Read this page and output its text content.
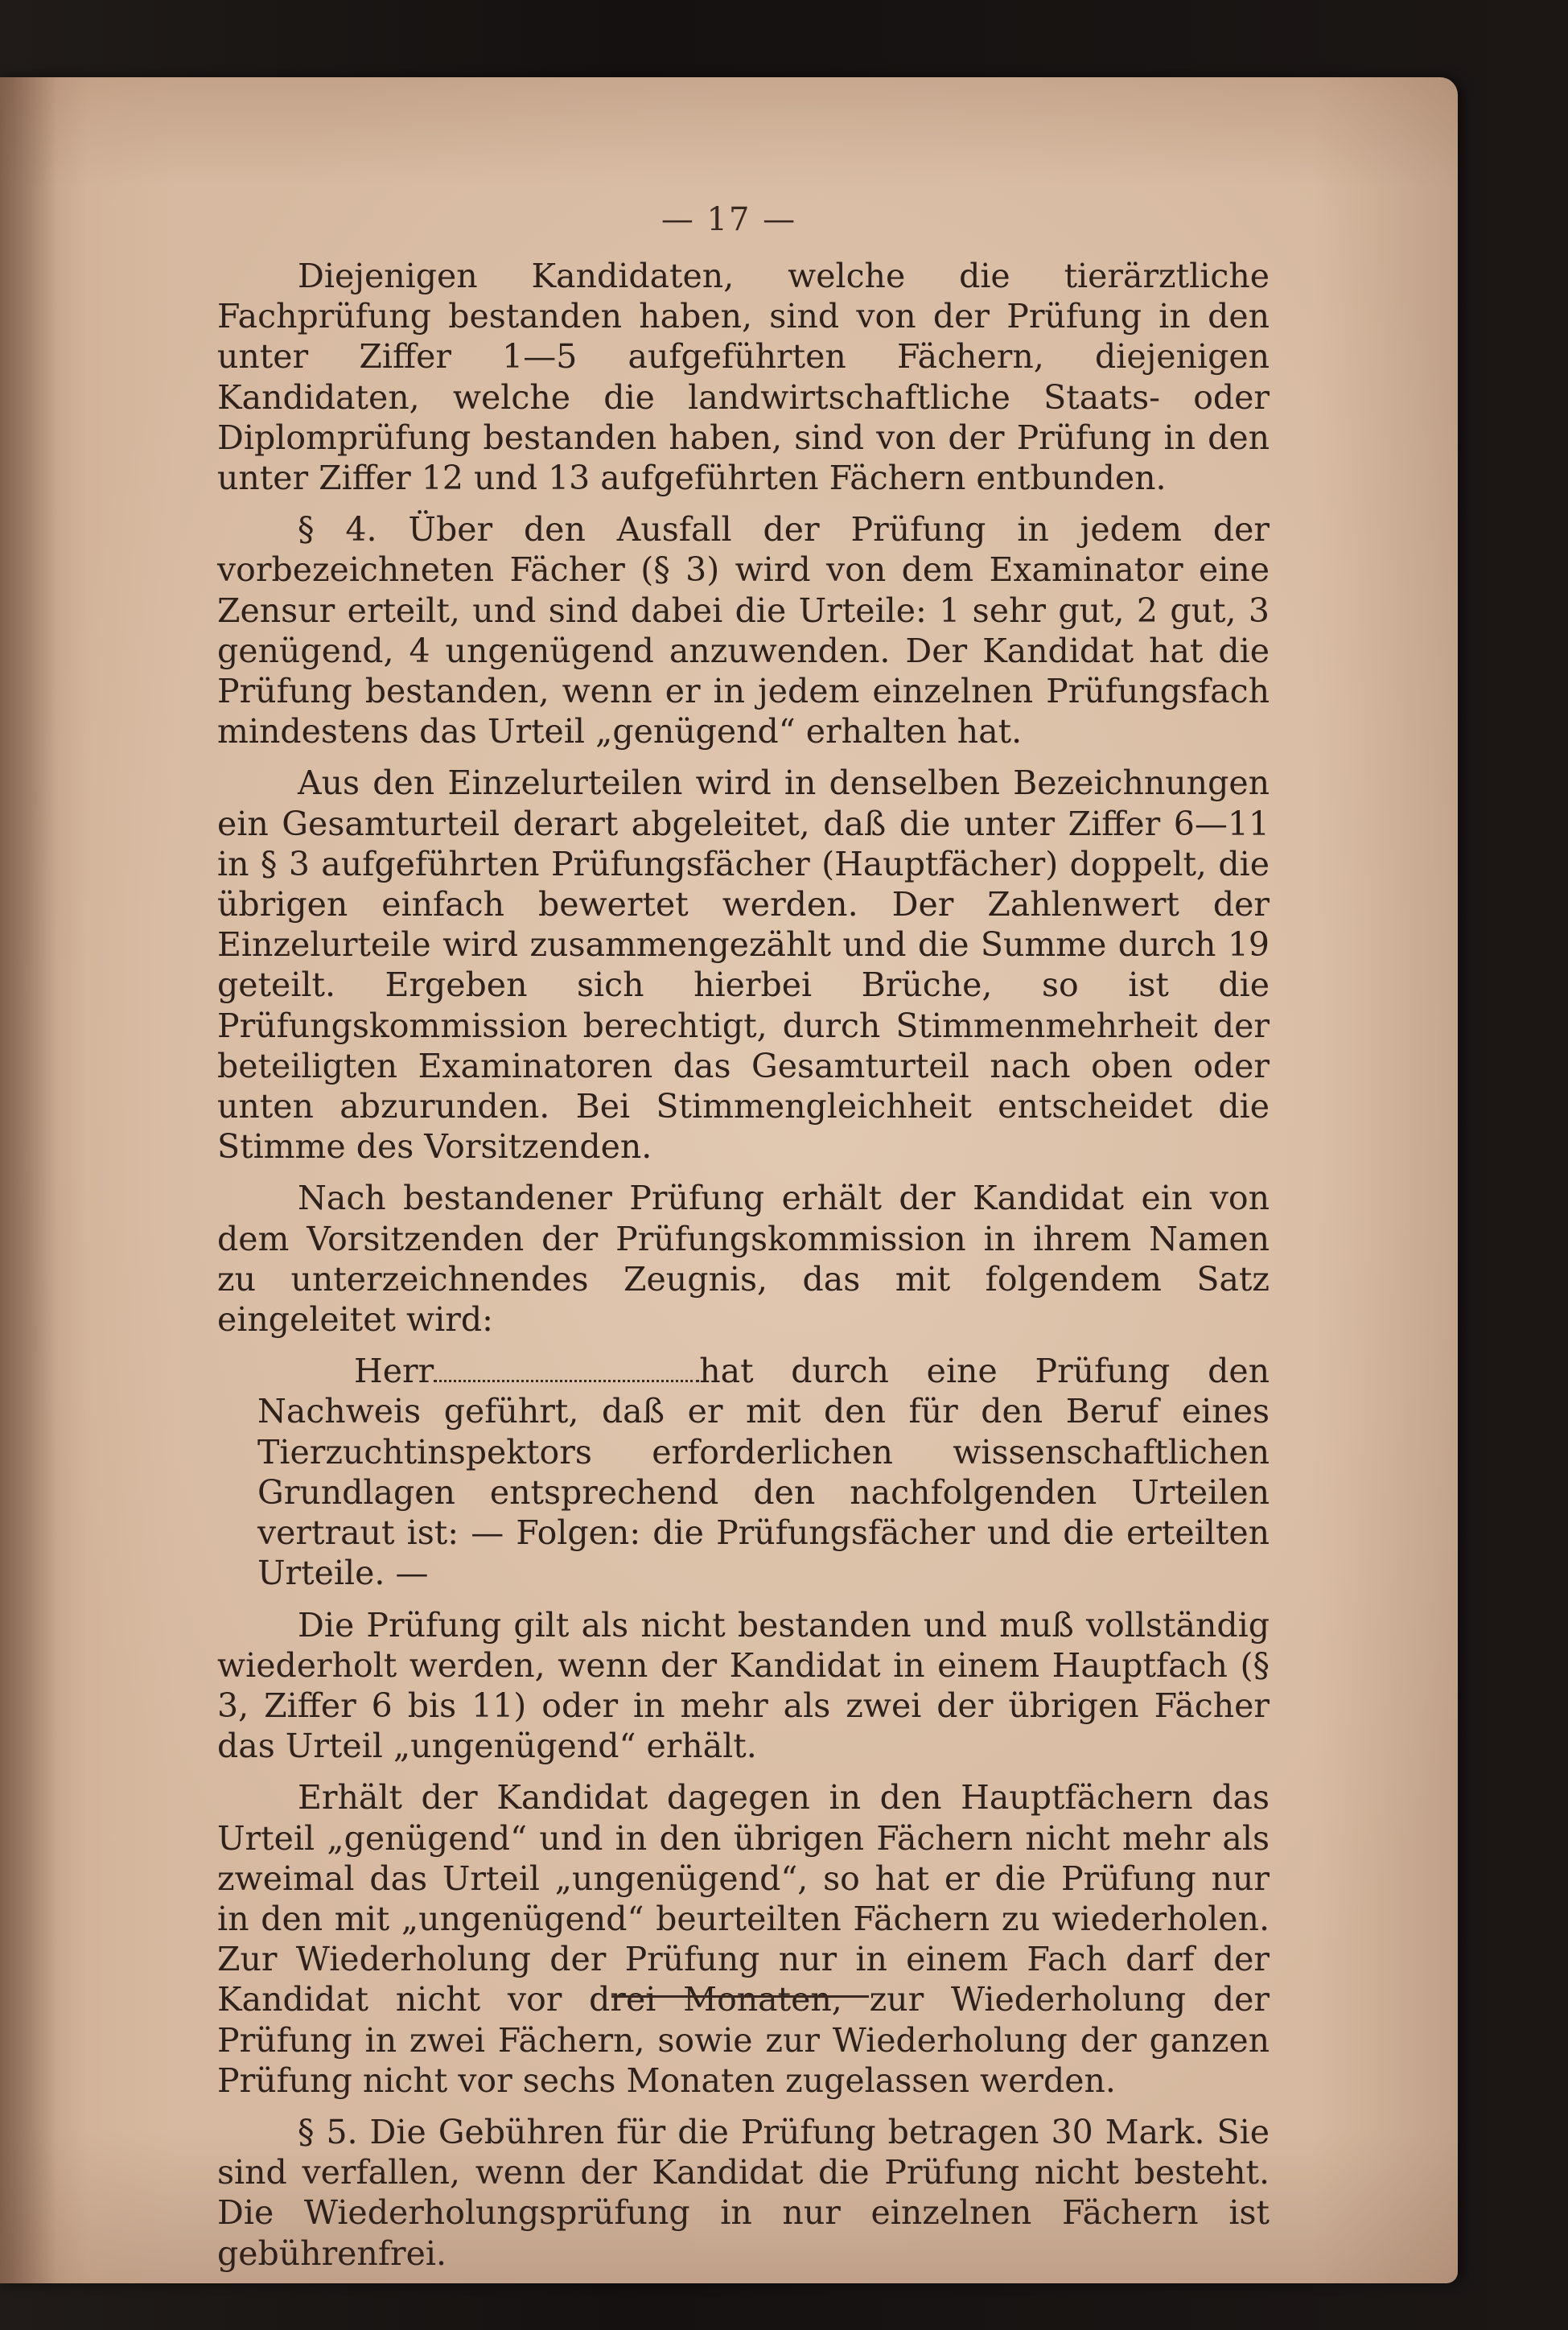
— 17 —

Diejenigen Kandidaten, welche die tierärztliche Fachprüfung bestanden haben, sind von der Prüfung in den unter Ziffer 1—5 aufgeführten Fächern, diejenigen Kandidaten, welche die landwirtschaftliche Staats- oder Diplomprüfung bestanden haben, sind von der Prüfung in den unter Ziffer 12 und 13 aufgeführten Fächern entbunden.

§ 4. Über den Ausfall der Prüfung in jedem der vorbezeichneten Fächer (§ 3) wird von dem Examinator eine Zensur erteilt, und sind dabei die Urteile: 1 sehr gut, 2 gut, 3 genügend, 4 ungenügend anzuwenden. Der Kandidat hat die Prüfung bestanden, wenn er in jedem einzelnen Prüfungsfach mindestens das Urteil „genügend“ erhalten hat.

Aus den Einzelurteilen wird in denselben Bezeichnungen ein Gesamturteil derart abgeleitet, daß die unter Ziffer 6—11 in § 3 aufgeführten Prüfungsfächer (Hauptfächer) doppelt, die übrigen einfach bewertet werden. Der Zahlenwert der Einzelurteile wird zusammengezählt und die Summe durch 19 geteilt. Ergeben sich hierbei Brüche, so ist die Prüfungskommission berechtigt, durch Stimmenmehrheit der beteiligten Examinatoren das Gesamturteil nach oben oder unten abzurunden. Bei Stimmengleichheit entscheidet die Stimme des Vorsitzenden.

Nach bestandener Prüfung erhält der Kandidat ein von dem Vorsitzenden der Prüfungskommission in ihrem Namen zu unterzeichnendes Zeugnis, das mit folgendem Satz eingeleitet wird:

Herr	hat durch eine Prüfung den Nachweis geführt, daß er mit den für den Beruf eines Tierzuchtinspektors erforderlichen wissenschaftlichen Grundlagen entsprechend den nachfolgenden Urteilen vertraut ist: — Folgen: die Prüfungsfächer und die erteilten Urteile. —

Die Prüfung gilt als nicht bestanden und muß vollständig wiederholt werden, wenn der Kandidat in einem Hauptfach (§ 3, Ziffer 6 bis 11) oder in mehr als zwei der übrigen Fächer das Urteil „ungenügend“ erhält.

Erhält der Kandidat dagegen in den Hauptfächern das Urteil „genügend“ und in den übrigen Fächern nicht mehr als zweimal das Urteil „ungenügend“, so hat er die Prüfung nur in den mit „ungenügend“ beurteilten Fächern zu wiederholen. Zur Wiederholung der Prüfung nur in einem Fach darf der Kandidat nicht vor drei Monaten, zur Wiederholung der Prüfung in zwei Fächern, sowie zur Wiederholung der ganzen Prüfung nicht vor sechs Monaten zugelassen werden.

§ 5. Die Gebühren für die Prüfung betragen 30 Mark. Sie sind verfallen, wenn der Kandidat die Prüfung nicht besteht. Die Wiederholungsprüfung in nur einzelnen Fächern ist gebührenfrei.
